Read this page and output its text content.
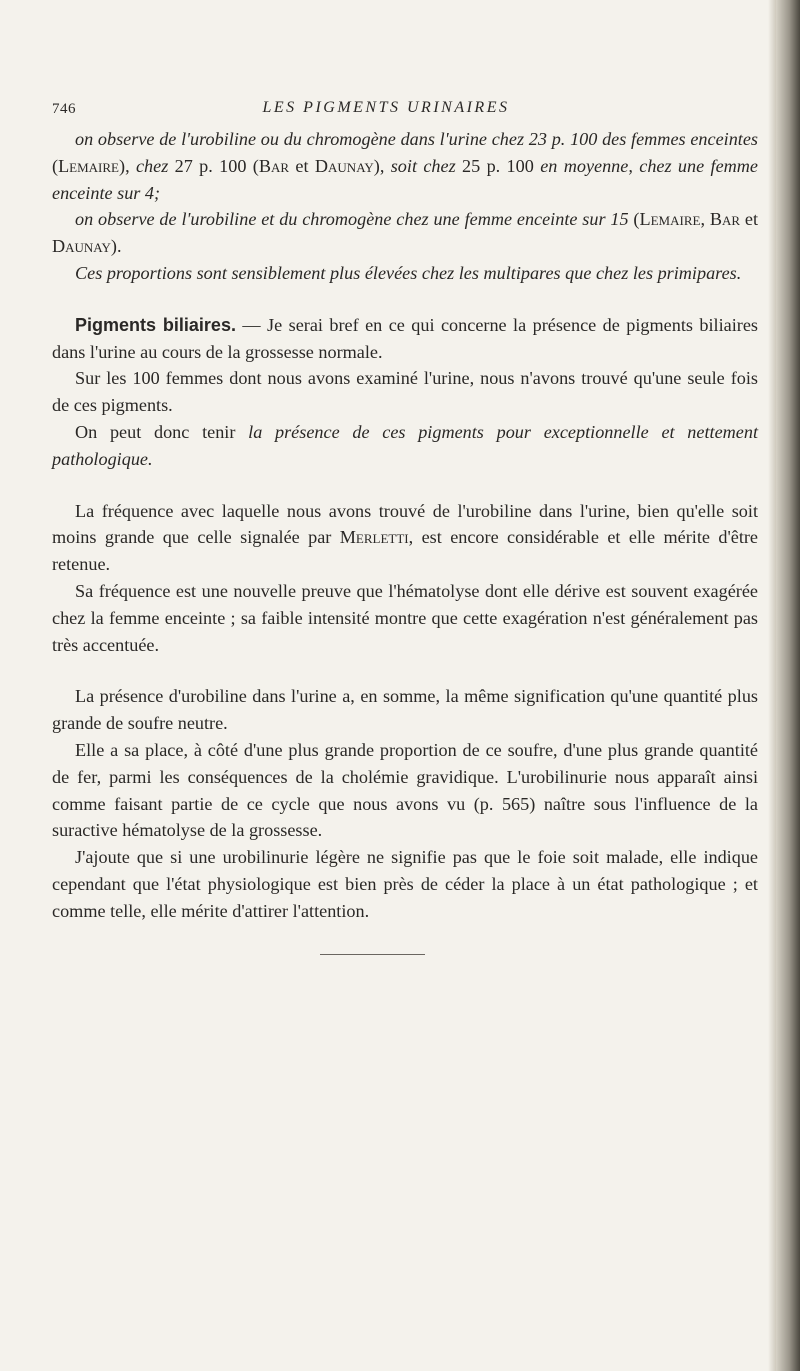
746	LES PIGMENTS URINAIRES

on observe de l'urobiline ou du chromogène dans l'urine chez 23 p. 100 des femmes enceintes (Lemaire), chez 27 p. 100 (Bar et Daunay), soit chez 25 p. 100 en moyenne, chez une femme enceinte sur 4;

on observe de l'urobiline et du chromogène chez une femme enceinte sur 15 (Lemaire, Bar et Daunay).

Ces proportions sont sensiblement plus élevées chez les multipares que chez les primipares.

Pigments biliaires. — Je serai bref en ce qui concerne la présence de pigments biliaires dans l'urine au cours de la grossesse normale.

Sur les 100 femmes dont nous avons examiné l'urine, nous n'avons trouvé qu'une seule fois de ces pigments.

On peut donc tenir la présence de ces pigments pour exceptionnelle et nettement pathologique.

La fréquence avec laquelle nous avons trouvé de l'urobiline dans l'urine, bien qu'elle soit moins grande que celle signalée par Merletti, est encore considérable et elle mérite d'être retenue.

Sa fréquence est une nouvelle preuve que l'hématolyse dont elle dérive est souvent exagérée chez la femme enceinte ; sa faible intensité montre que cette exagération n'est généralement pas très accentuée.

La présence d'urobiline dans l'urine a, en somme, la même signification qu'une quantité plus grande de soufre neutre.

Elle a sa place, à côté d'une plus grande proportion de ce soufre, d'une plus grande quantité de fer, parmi les conséquences de la cholémie gravidique. L'urobilinurie nous apparaît ainsi comme faisant partie de ce cycle que nous avons vu (p. 565) naître sous l'influence de la suractive hématolyse de la grossesse.

J'ajoute que si une urobilinurie légère ne signifie pas que le foie soit malade, elle indique cependant que l'état physiologique est bien près de céder la place à un état pathologique ; et comme telle, elle mérite d'attirer l'attention.
